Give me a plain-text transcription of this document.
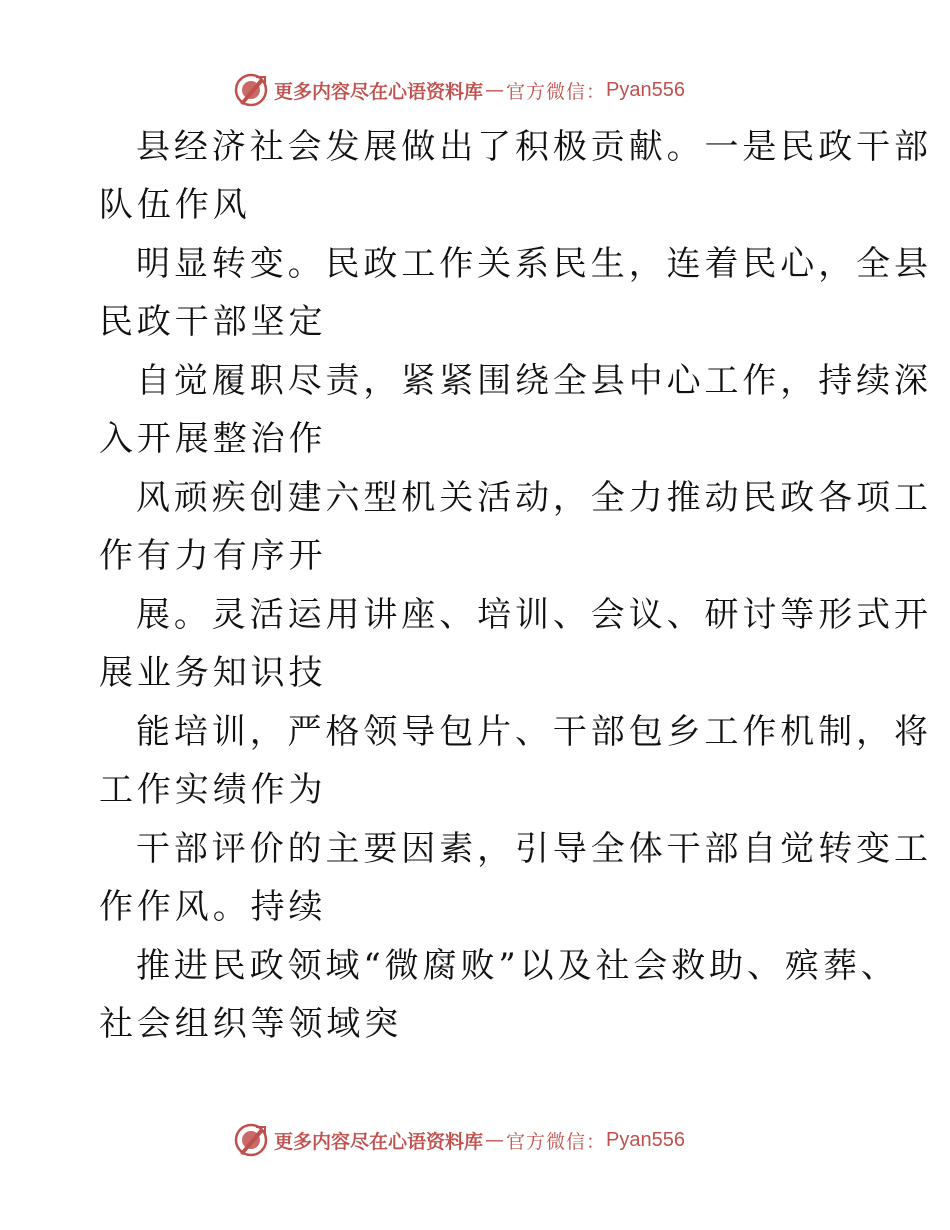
更多内容尽在心语资料库 — 官方微信： Pyan556
县经济社会发展做出了积极贡献。一是民政干部
队伍作风
明显转变。民政工作关系民生，连着民心，全县
民政干部坚定
自觉履职尽责，紧紧围绕全县中心工作，持续深
入开展整治作
风顽疾创建六型机关活动，全力推动民政各项工
作有力有序开
展。灵活运用讲座、培训、会议、研讨等形式开
展业务知识技
能培训，严格领导包片、干部包乡工作机制，将
工作实绩作为
干部评价的主要因素，引导全体干部自觉转变工
作作风。持续
推进民政领域“微腐败”以及社会救助、殡葬、
社会组织等领域突
更多内容尽在心语资料库 — 官方微信： Pyan556
